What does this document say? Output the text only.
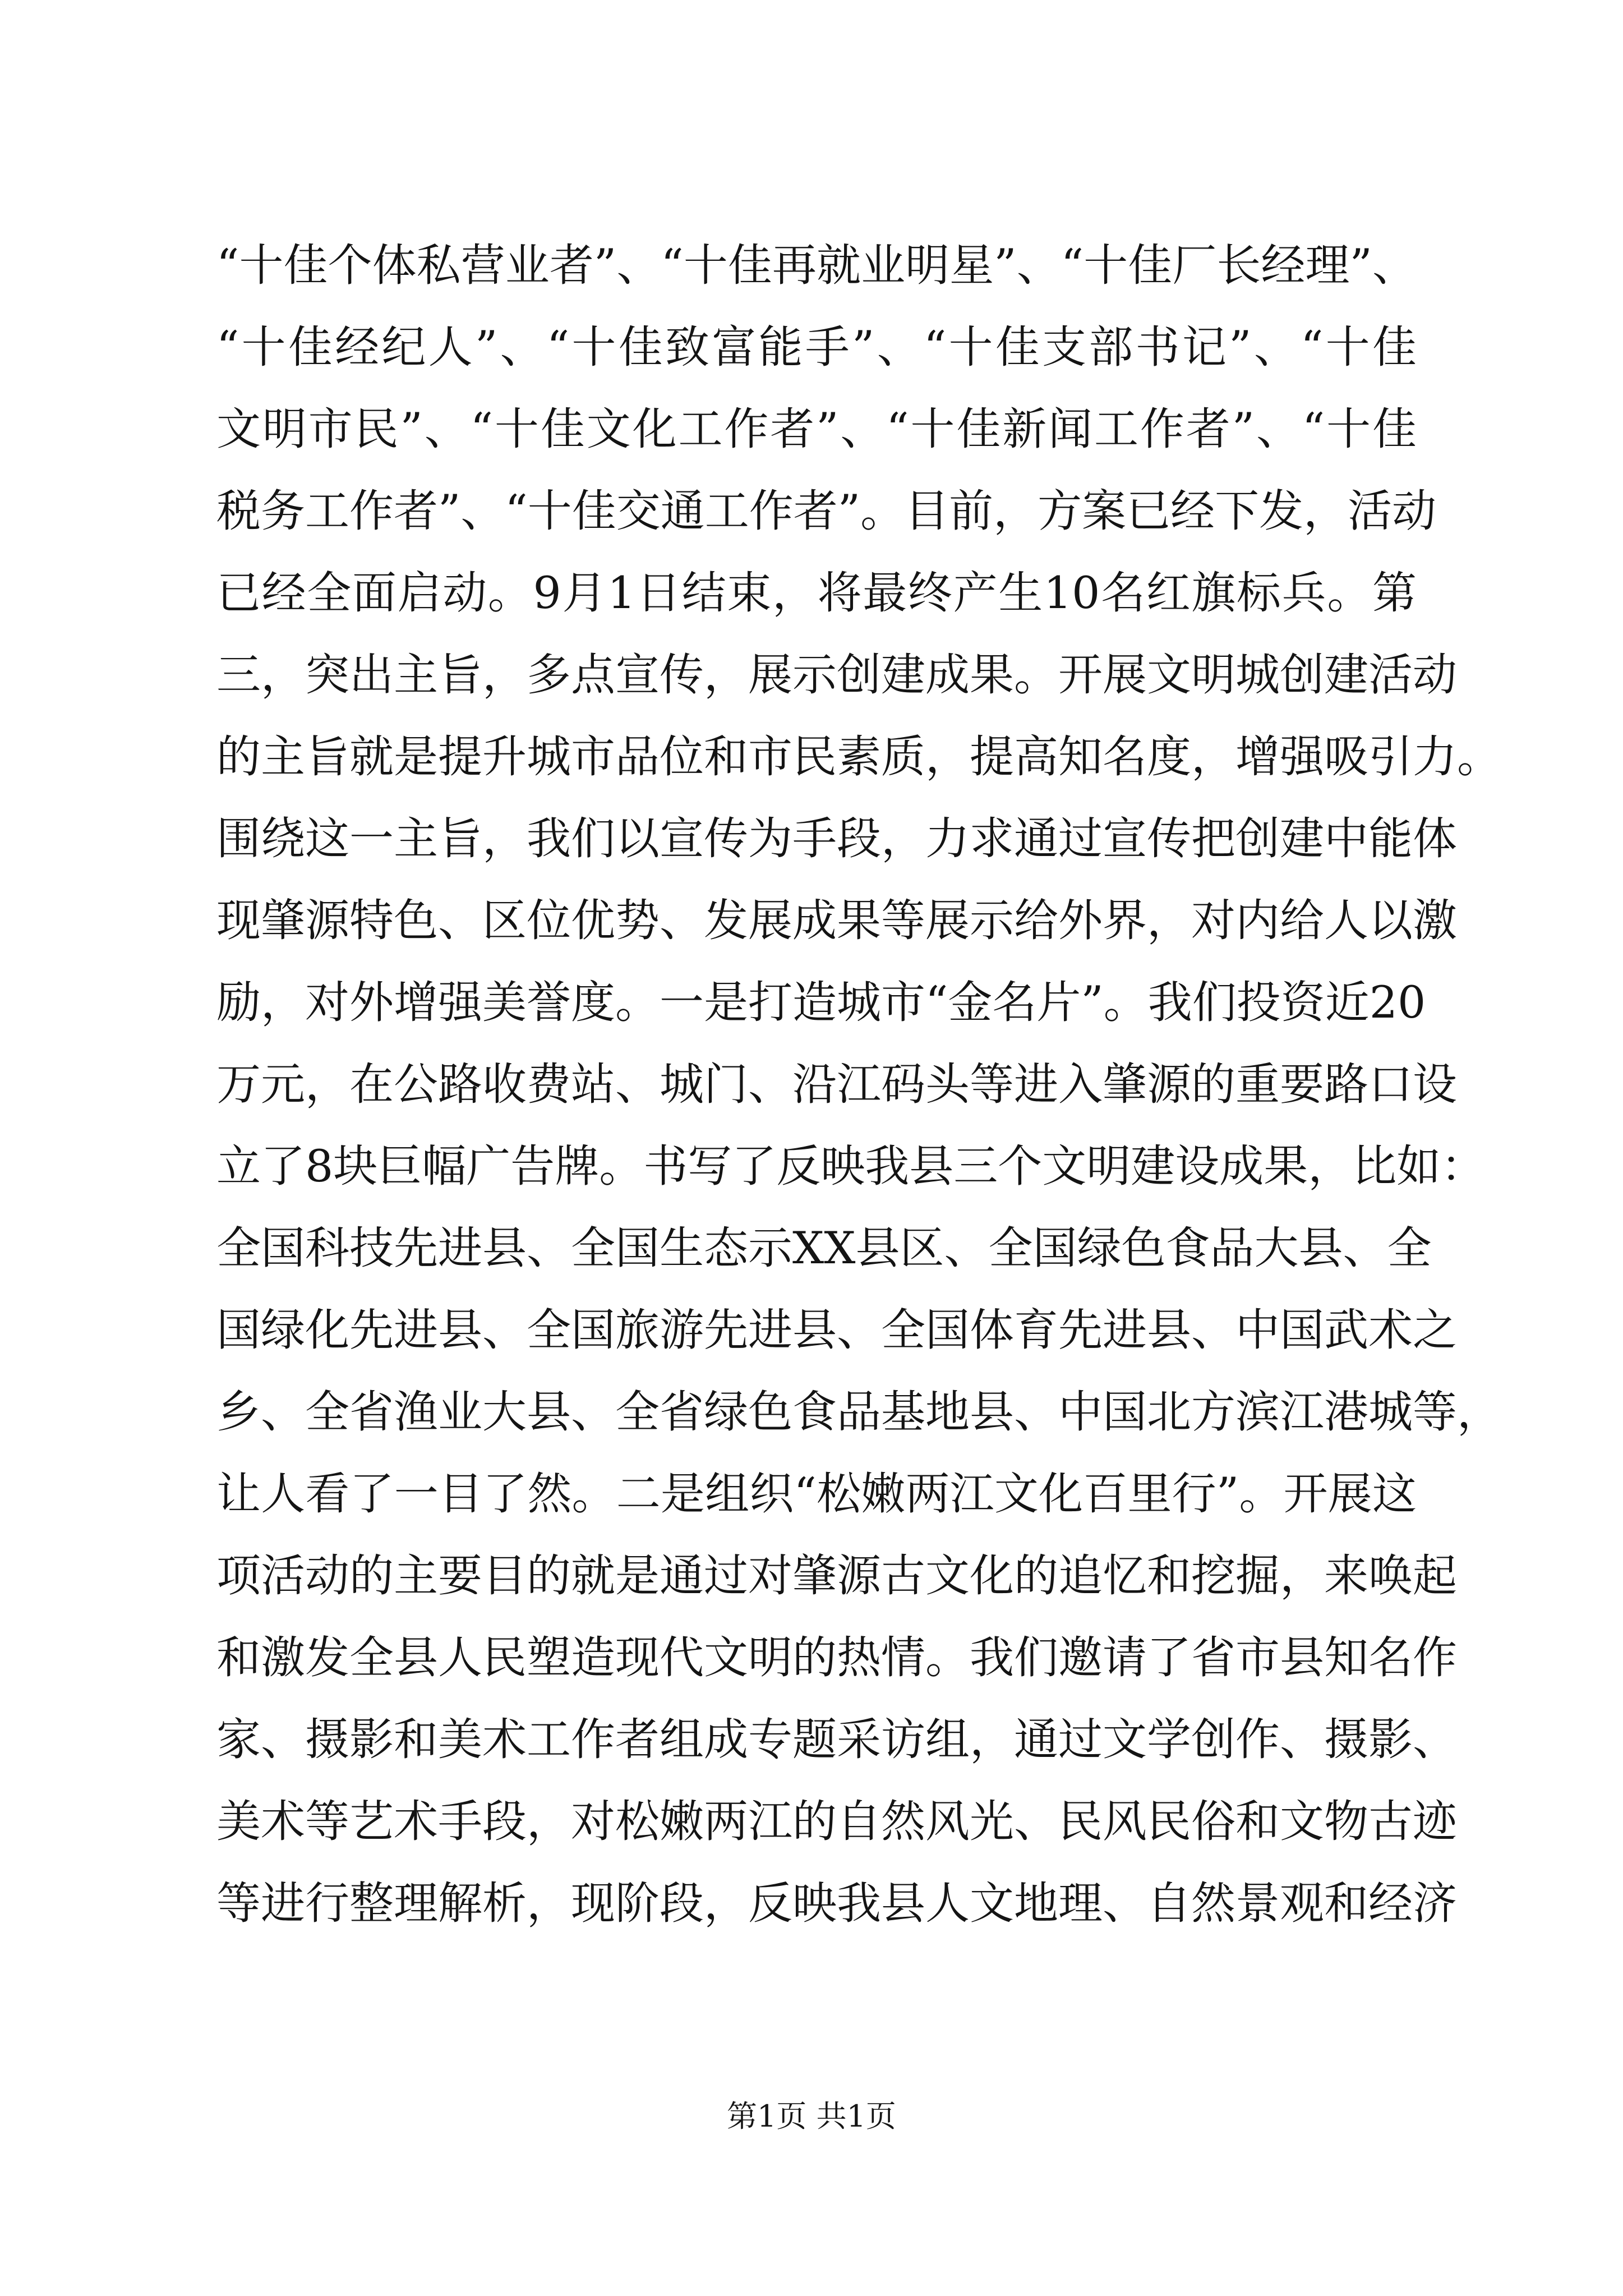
“十佳个体私营业者”、“十佳再就业明星”、“十佳厂长经理”、
“十佳经纪人”、“十佳致富能手”、“十佳支部书记”、“十佳
文明市民”、“十佳文化工作者”、“十佳新闻工作者”、“十佳
税务工作者”、“十佳交通工作者”。目前，方案已经下发，活动
已经全面启动。9月1日结束，将最终产生10名红旗标兵。第
三，突出主旨，多点宣传，展示创建成果。开展文明城创建活动
的主旨就是提升城市品位和市民素质，提高知名度，增强吸引力。
围绕这一主旨，我们以宣传为手段，力求通过宣传把创建中能体
现肇源特色、区位优势、发展成果等展示给外界，对内给人以激
励，对外增强美誉度。一是打造城市“金名片”。我们投资近20
万元，在公路收费站、城门、沿江码头等进入肇源的重要路口设
立了8块巨幅广告牌。书写了反映我县三个文明建设成果，比如：
全国科技先进县、全国生态示XX县区、全国绿色食品大县、全
国绿化先进县、全国旅游先进县、全国体育先进县、中国武术之
乡、全省渔业大县、全省绿色食品基地县、中国北方滨江港城等，
让人看了一目了然。二是组织“松嫩两江文化百里行”。开展这
项活动的主要目的就是通过对肇源古文化的追忆和挖掘，来唤起
和激发全县人民塑造现代文明的热情。我们邀请了省市县知名作
家、摄影和美术工作者组成专题采访组，通过文学创作、摄影、
美术等艺术手段，对松嫩两江的自然风光、民风民俗和文物古迹
等进行整理解析，现阶段，反映我县人文地理、自然景观和经济
第1页 共1页
